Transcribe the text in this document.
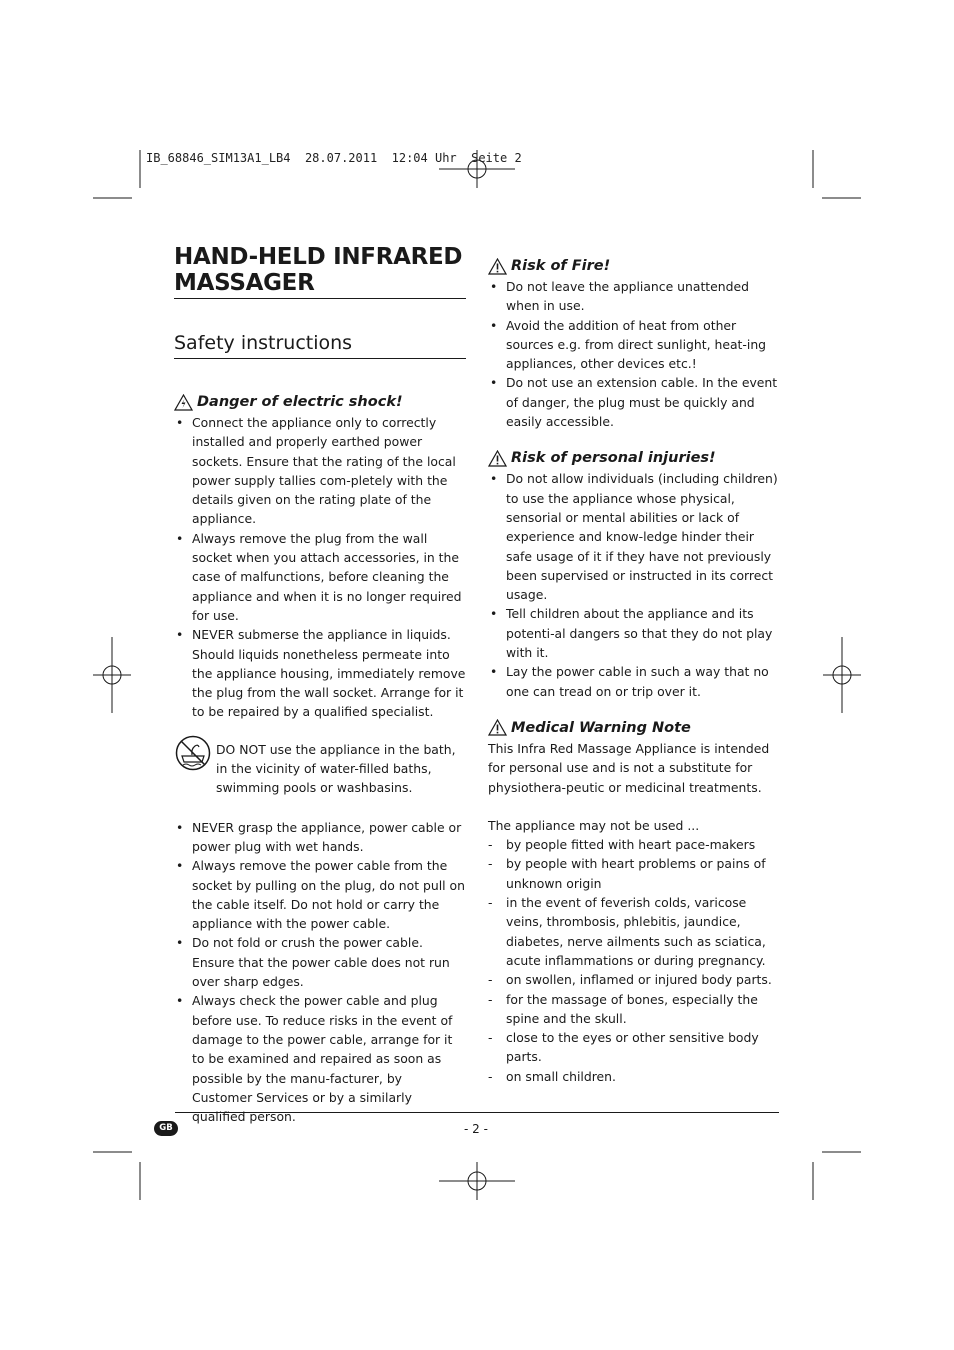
IB_68846_SIM13A1_LB4  28.07.2011  12:04 Uhr  Seite 2
HAND-HELD INFRARED
MASSAGER
Safety instructions
Danger of electric shock!
• Connect the appliance only to correctly installed and properly earthed power sockets. Ensure that the rating of the local power supply tallies com-pletely with the details given on the rating plate of the appliance.
• Always remove the plug from the wall socket when you attach accessories, in the case of malfunctions, before cleaning the appliance and when it is no longer required for use.
• NEVER submerse the appliance in liquids. Should liquids nonetheless permeate into the appliance housing, immediately remove the plug from the wall socket. Arrange for it to be repaired by a qualified specialist.

DO NOT use the appliance in the bath, in the vicinity of water-filled baths, swimming pools or washbasins.

• NEVER grasp the appliance, power cable or power plug with wet hands.
• Always remove the power cable from the socket by pulling on the plug, do not pull on the cable itself. Do not hold or carry the appliance with the power cable.
• Do not fold or crush the power cable. Ensure that the power cable does not run over sharp edges.
• Always check the power cable and plug before use. To reduce risks in the event of damage to the power cable, arrange for it to be examined and repaired as soon as possible by the manu-facturer, by Customer Services or by a similarly qualified person.
Risk of Fire!
• Do not leave the appliance unattended when in use.
• Avoid the addition of heat from other sources e.g. from direct sunlight, heat-ing appliances, other devices etc.!
• Do not use an extension cable. In the event of danger, the plug must be quickly and easily accessible.
Risk of personal injuries!
• Do not allow individuals (including children) to use the appliance whose physical, sensorial or mental abilities or lack of experience and know-ledge hinder their safe usage of it if they have not previously been supervised or instructed in its correct usage.
• Tell children about the appliance and its potenti-al dangers so that they do not play with it.
• Lay the power cable in such a way that no one can tread on or trip over it.
Medical Warning Note

This Infra Red Massage Appliance is intended for personal use and is not a substitute for physiothera-peutic or medicinal treatments.

The appliance may not be used ...

- by people fitted with heart pace-makers
- by people with heart problems or pains of unknown origin
- in the event of feverish colds, varicose veins, thrombosis, phlebitis, jaundice, diabetes, nerve ailments such as sciatica, acute inflammations or during pregnancy.
- on swollen, inflamed or injured body parts.
- for the massage of bones, especially the spine and the skull.
- close to the eyes or other sensitive body parts.
- on small children.
GB	- 2 -
